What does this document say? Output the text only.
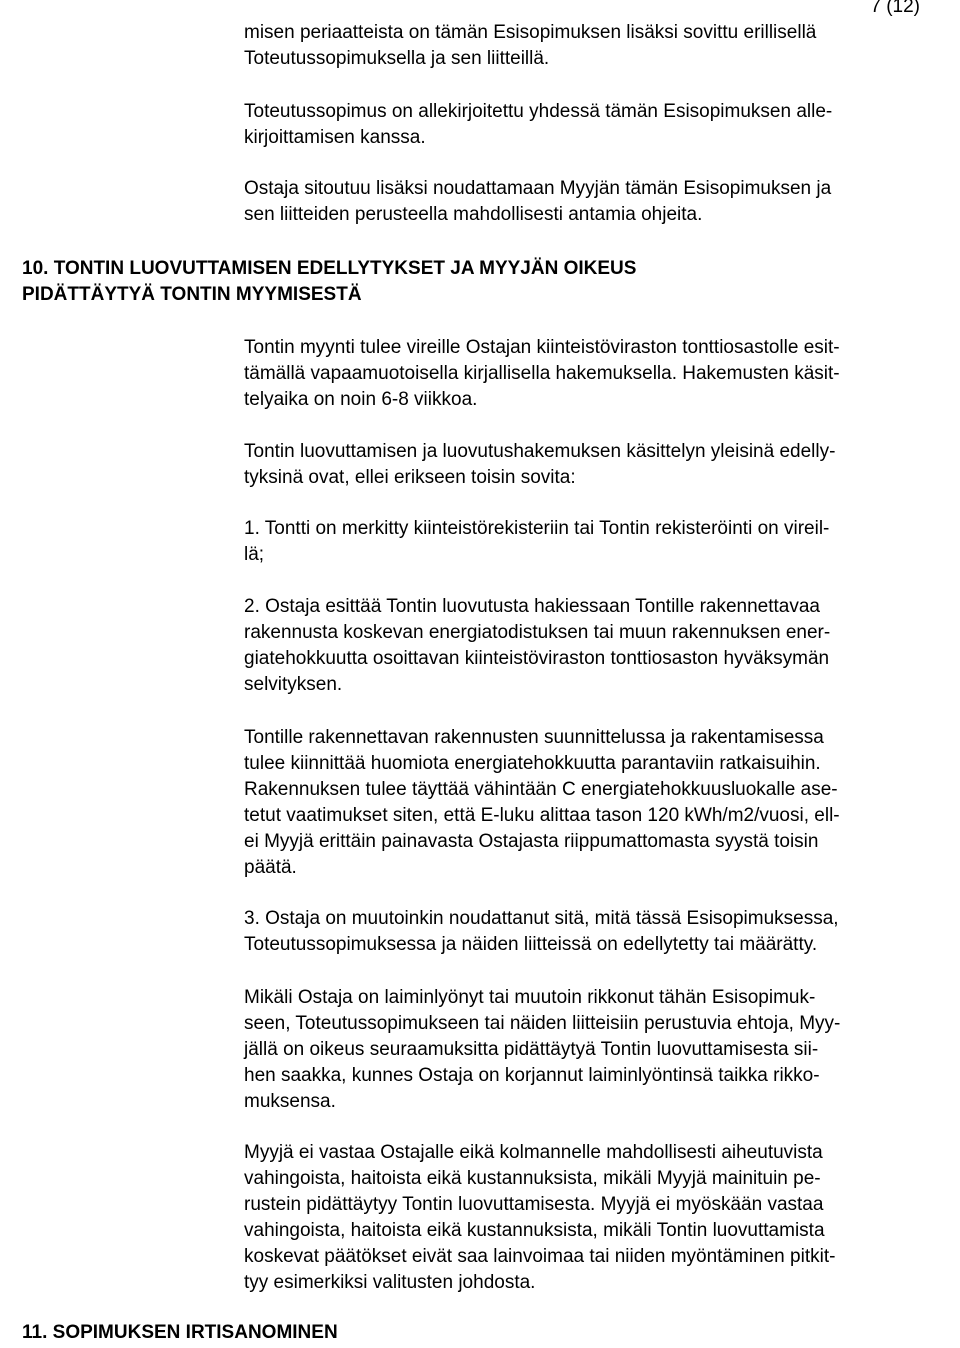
7 (12)
misen periaatteista on tämän Esisopimuksen lisäksi sovittu erillisellä
Toteutussopimuksella ja sen liitteillä.
Toteutussopimus on allekirjoitettu yhdessä tämän Esisopimuksen alle-
kirjoittamisen kanssa.
Ostaja sitoutuu lisäksi noudattamaan Myyjän tämän Esisopimuksen ja
sen liitteiden perusteella mahdollisesti antamia ohjeita.
10. TONTIN LUOVUTTAMISEN EDELLYTYKSET JA MYYJÄN OIKEUS
PIDÄTTÄYTYÄ TONTIN MYYMISESTÄ
Tontin myynti tulee vireille Ostajan kiinteistöviraston tonttiosastolle esit-
tämällä vapaamuotoisella kirjallisella hakemuksella. Hakemusten käsit-
telyaika on noin 6-8 viikkoa.
Tontin luovuttamisen ja luovutushakemuksen käsittelyn yleisinä edelly-
tyksinä ovat, ellei erikseen toisin sovita:
1. Tontti on merkitty kiinteistörekisteriin tai Tontin rekisteröinti on vireil-
lä;
2. Ostaja esittää Tontin luovutusta hakiessaan Tontille rakennettavaa
rakennusta koskevan energiatodistuksen tai muun rakennuksen ener-
giatehokkuutta osoittavan kiinteistöviraston tonttiosaston hyväksymän
selvityksen.
Tontille rakennettavan rakennusten suunnittelussa ja rakentamisessa
tulee kiinnittää huomiota energiatehokkuutta parantaviin ratkaisuihin.
Rakennuksen tulee täyttää vähintään C energiatehokkuusluokalle ase-
tetut vaatimukset siten, että E-luku alittaa tason 120 kWh/m2/vuosi, ell-
ei Myyjä erittäin painavasta Ostajasta riippumattomasta syystä toisin
päätä.
3. Ostaja on muutoinkin noudattanut sitä, mitä tässä Esisopimuksessa,
Toteutussopimuksessa ja näiden liitteissä on edellytetty tai määrätty.
Mikäli Ostaja on laiminlyönyt tai muutoin rikkonut tähän Esisopimuk-
seen, Toteutussopimukseen tai näiden liitteisiin perustuvia ehtoja, Myy-
jällä on oikeus seuraamuksitta pidättäytyä Tontin luovuttamisesta sii-
hen saakka, kunnes Ostaja on korjannut laiminlyöntinsä taikka rikko-
muksensa.
Myyjä ei vastaa Ostajalle eikä kolmannelle mahdollisesti aiheutuvista
vahingoista, haitoista eikä kustannuksista, mikäli Myyjä mainituin pe-
rustein pidättäytyy Tontin luovuttamisesta. Myyjä ei myöskään vastaa
vahingoista, haitoista eikä kustannuksista, mikäli Tontin luovuttamista
koskevat päätökset eivät saa lainvoimaa tai niiden myöntäminen pitkit-
tyy esimerkiksi valitusten johdosta.
11. SOPIMUKSEN IRTISANOMINEN
